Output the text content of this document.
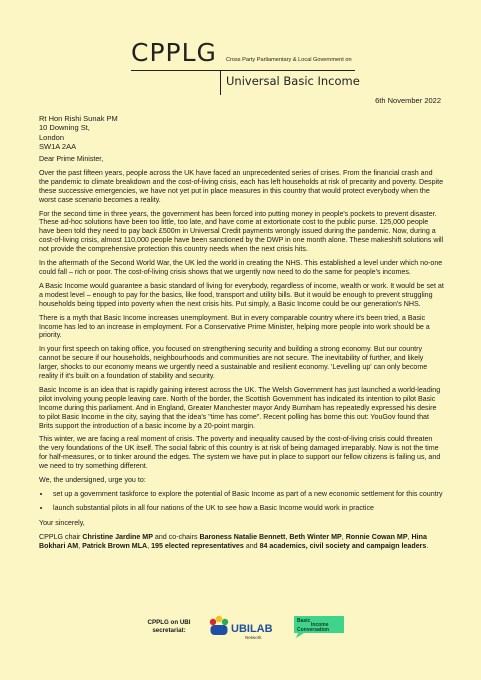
CPPLG Cross Party Parliamentary & Local Government on
Universal Basic Income
6th November 2022
Rt Hon Rishi Sunak PM
10 Downing St,
London
SW1A 2AA

Dear Prime Minister,

Over the past fifteen years, people across the UK have faced an unprecedented series of crises. From the financial crash and the pandemic to climate breakdown and the cost-of-living crisis, each has left households at risk of precarity and poverty. Despite these successive emergencies, we have not yet put in place measures in this country that would protect everybody when the worst case scenario becomes a reality.

For the second time in three years, the government has been forced into putting money in people's pockets to prevent disaster. These ad-hoc solutions have been too little, too late, and have come at extortionate cost to the public purse. 125,000 people have been told they need to pay back £500m in Universal Credit payments wrongly issued during the pandemic. Now, during a cost-of-living crisis, almost 110,000 people have been sanctioned by the DWP in one month alone. These makeshift solutions will not provide the comprehensive protection this country needs when the next crisis hits.

In the aftermath of the Second World War, the UK led the world in creating the NHS. This established a level under which no-one could fall – rich or poor. The cost-of-living crisis shows that we urgently now need to do the same for people's incomes.

A Basic Income would guarantee a basic standard of living for everybody, regardless of income, wealth or work. It would be set at a modest level – enough to pay for the basics, like food, transport and utility bills. But it would be enough to prevent struggling households being tipped into poverty when the next crisis hits. Put simply, a Basic Income could be our generation's NHS.

There is a myth that Basic Income increases unemployment. But in every comparable country where it's been tried, a Basic Income has led to an increase in employment. For a Conservative Prime Minister, helping more people into work should be a priority.

In your first speech on taking office, you focused on strengthening security and building a strong economy. But our country cannot be secure if our households, neighbourhoods and communities are not secure. The inevitability of further, and likely larger, shocks to our economy means we urgently need a sustainable and resilient economy. 'Levelling up' can only become reality if it's built on a foundation of stability and security.

Basic Income is an idea that is rapidly gaining interest across the UK. The Welsh Government has just launched a world-leading pilot involving young people leaving care. North of the border, the Scottish Government has indicated its intention to pilot Basic Income during this parliament. And in England, Greater Manchester mayor Andy Burnham has repeatedly expressed his desire to pilot Basic Income in the city, saying that the idea's "time has come". Recent polling has borne this out: YouGov found that Brits support the introduction of a basic income by a 20-point margin.

This winter, we are facing a real moment of crisis. The poverty and inequality caused by the cost-of-living crisis could threaten the very foundations of the UK itself. The social fabric of this country is at risk of being damaged irreparably. Now is not the time for half-measures, or to tinker around the edges. The system we have put in place to support our fellow citizens is failing us, and we need to try something different.

We, the undersigned, urge you to:

• set up a government taskforce to explore the potential of Basic Income as part of a new economic settlement for this country
• launch substantial pilots in all four nations of the UK to see how a Basic Income would work in practice

Your sincerely,

CPPLG chair Christine Jardine MP and co-chairs Baroness Natalie Bennett, Beth Winter MP, Ronnie Cowan MP, Hina Bokhari AM, Patrick Brown MLA, 195 elected representatives and 84 academics, civil society and campaign leaders.

CPPLG on UBI
secretariat:	UBILAB
Network
Basic
Income
Conversation
